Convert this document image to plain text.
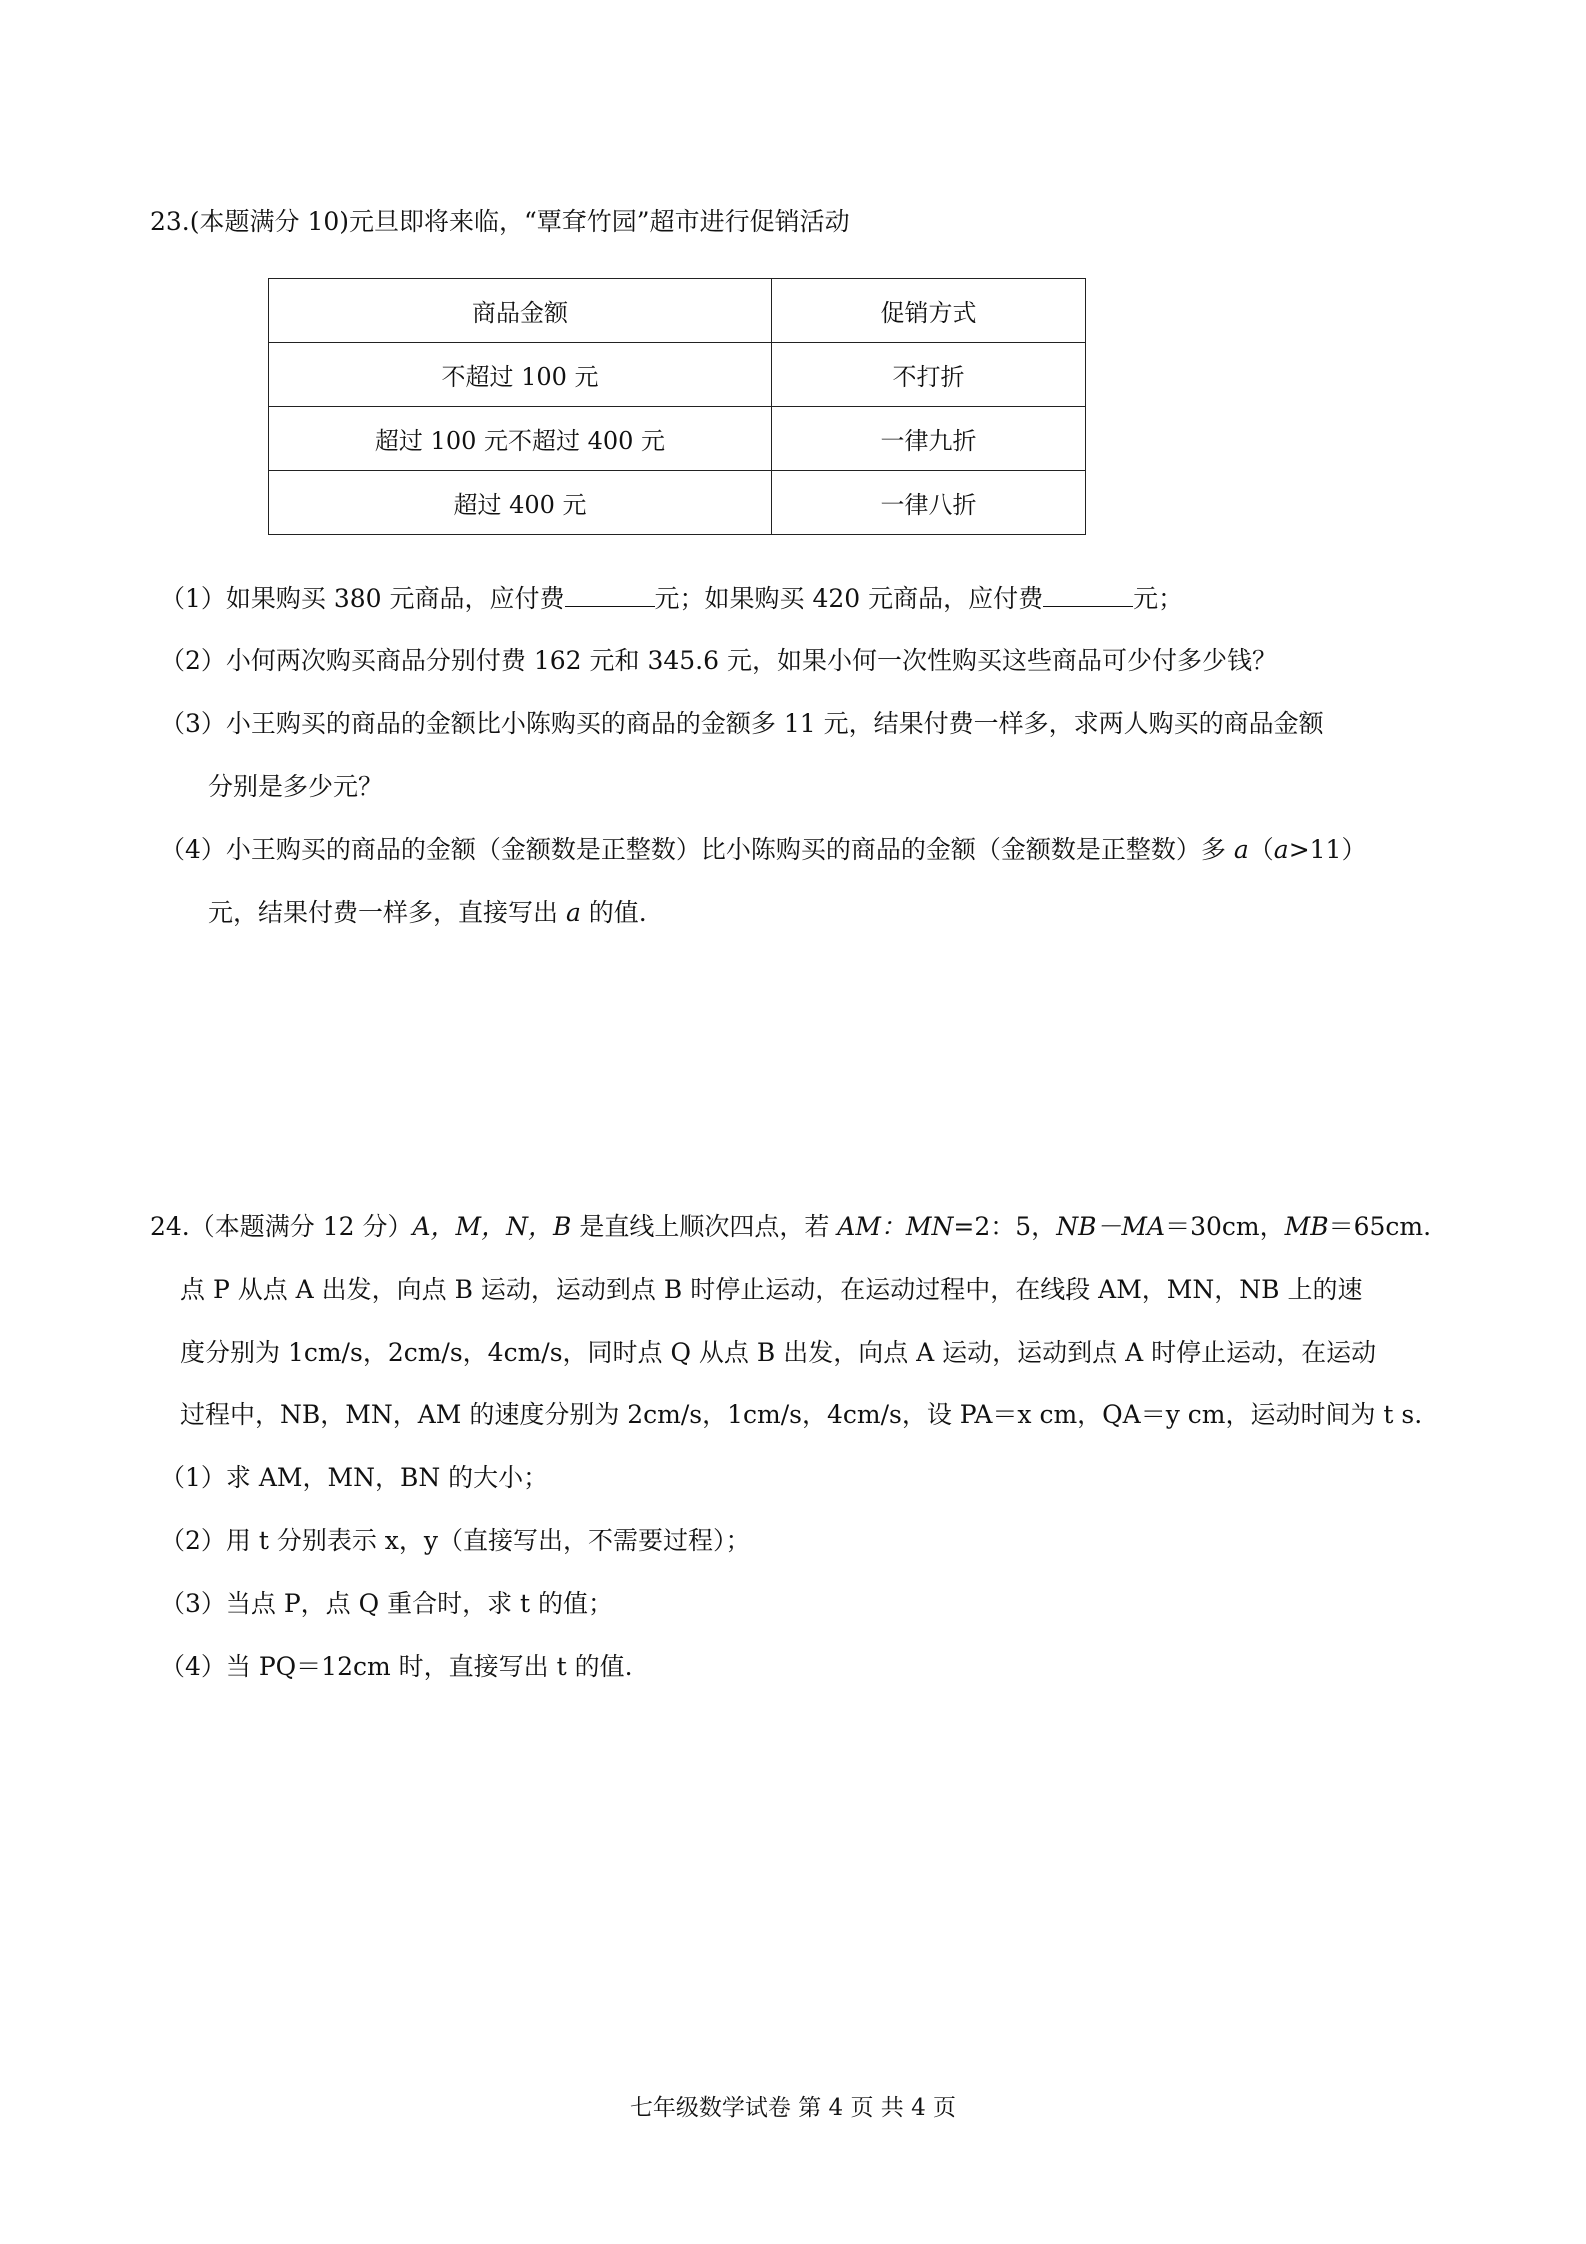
23.(本题满分 10)元旦即将来临，“覃耷竹园”超市进行促销活动
商品金额	促销方式
不超过 100 元	不打折
超过 100 元不超过 400 元	一律九折
超过 400 元	一律八折
（1）如果购买 380 元商品，应付费	元；如果购买 420 元商品，应付费	元；
（2）小何两次购买商品分别付费 162 元和 345.6 元，如果小何一次性购买这些商品可少付多少钱？
（3）小王购买的商品的金额比小陈购买的商品的金额多 11 元，结果付费一样多，求两人购买的商品金额
分别是多少元？
（4）小王购买的商品的金额（金额数是正整数）比小陈购买的商品的金额（金额数是正整数）多 a（a>11）
元，结果付费一样多，直接写出 a 的值.
24.（本题满分 12 分）A，M，N，B 是直线上顺次四点，若 AM：MN=2：5，NB－MA＝30cm，MB＝65cm.
点 P 从点 A 出发，向点 B 运动，运动到点 B 时停止运动，在运动过程中，在线段 AM，MN，NB 上的速
度分别为 1cm/s，2cm/s，4cm/s，同时点 Q 从点 B 出发，向点 A 运动，运动到点 A 时停止运动，在运动
过程中，NB，MN，AM 的速度分别为 2cm/s，1cm/s，4cm/s，设 PA＝x cm，QA＝y cm，运动时间为 t s.
（1）求 AM，MN，BN 的大小；
（2）用 t 分别表示 x，y（直接写出，不需要过程）；
（3）当点 P，点 Q 重合时，求 t 的值；
（4）当 PQ＝12cm 时，直接写出 t 的值.
七年级数学试卷 第 4 页 共 4 页
